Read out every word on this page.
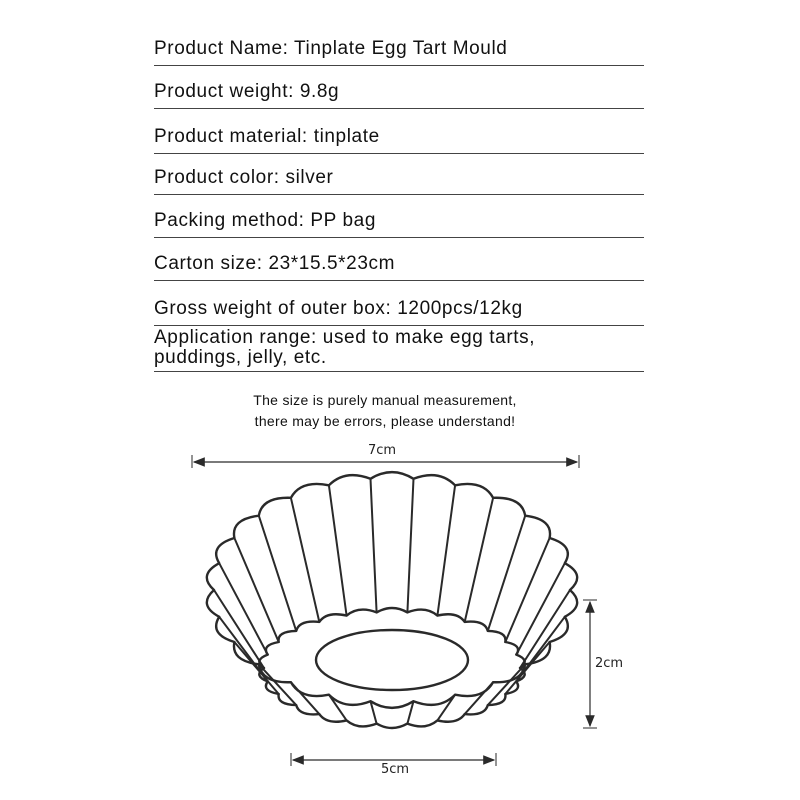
Product Name: Tinplate Egg Tart Mould
Product weight: 9.8g
Product material: tinplate
Product color: silver
Packing method: PP bag
Carton size: 23*15.5*23cm
Gross weight of outer box: 1200pcs/12kg
Application range: used to make egg tarts,
puddings, jelly, etc.
The size is purely manual measurement,
there may be errors, please understand!
7cm
2cm
5cm
